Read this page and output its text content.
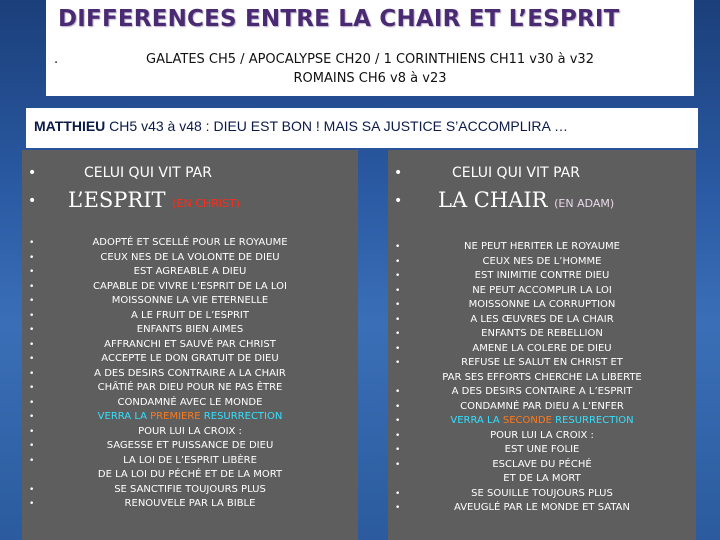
DIFFERENCES ENTRE LA CHAIR ET L’ESPRIT
.	GALATES CH5 / APOCALYPSE CH20 / 1 CORINTHIENS CH11 v30 à v32
ROMAINS CH6 v8 à v23
MATTHIEU CH5 v43 à v48 : DIEU EST BON ! MAIS SA JUSTICE S’ACCOMPLIRA …
•	CELUI QUI VIT PAR
• L’ESPRIT (EN CHRIST)
•
•
•
•
•
•
•
•
•
•
•
•
•
•
•
•
•
•
ADOPTÉ ET SCELLÉ POUR LE ROYAUME
CEUX NES DE LA VOLONTE DE DIEU
EST AGREABLE A DIEU
CAPABLE DE VIVRE L’ESPRIT DE LA LOI
MOISSONNE LA VIE ETERNELLE
A LE FRUIT DE L’ESPRIT
ENFANTS BIEN AIMES
AFFRANCHI ET SAUVÉ PAR CHRIST
ACCEPTE LE DON GRATUIT DE DIEU
A DES DESIRS CONTRAIRE A LA CHAIR
CHÂTIÉ PAR DIEU POUR NE PAS ÊTRE
CONDAMNÉ AVEC LE MONDE
VERRA LA PREMIERE RESURRECTION
POUR LUI LA CROIX :
SAGESSE ET PUISSANCE DE DIEU
LA LOI DE L’ESPRIT LIBÈRE
DE LA LOI DU PÉCHÉ ET DE LA MORT
SE SANCTIFIE TOUJOURS PLUS
RENOUVELE PAR LA BIBLE
•	CELUI QUI VIT PAR
• LA CHAIR (EN ADAM)
•
•
•
•
•
•
•
•
•
•
•
•
•
•
•
•
•
NE PEUT HERITER LE ROYAUME
CEUX NES DE L’HOMME
EST INIMITIE CONTRE DIEU
NE PEUT ACCOMPLIR LA LOI
MOISSONNE LA CORRUPTION
A LES ŒUVRES DE LA CHAIR
ENFANTS DE REBELLION
AMENE LA COLERE DE DIEU
REFUSE LE SALUT EN CHRIST ET
PAR SES EFFORTS CHERCHE LA LIBERTE
A DES DESIRS CONTAIRE A L’ESPRIT
CONDAMNÉ PAR DIEU A L’ENFER
VERRA LA SECONDE RESURRECTION
POUR LUI LA CROIX :
EST UNE FOLIE
ESCLAVE DU PÉCHÉ
ET DE LA MORT
SE SOUILLE TOUJOURS PLUS
AVEUGLÉ PAR LE MONDE ET SATAN
